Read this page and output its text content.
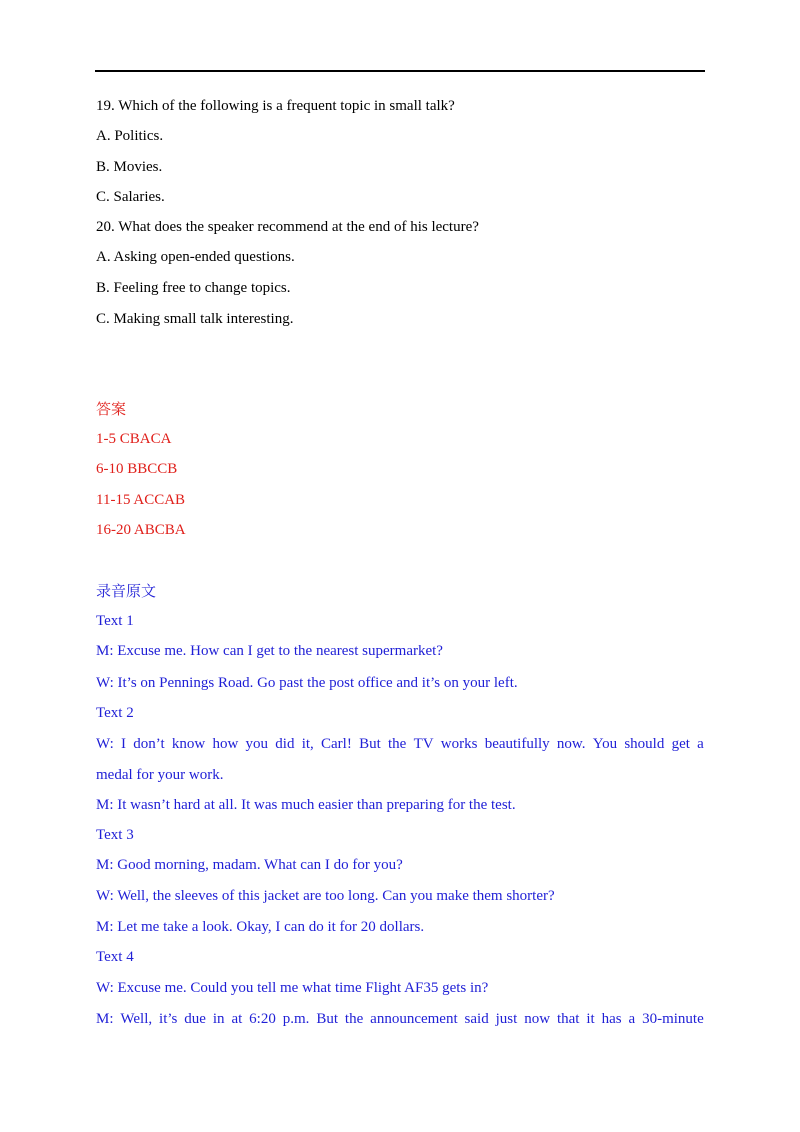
19. Which of the following is a frequent topic in small talk?
A. Politics.
B. Movies.
C. Salaries.
20. What does the speaker recommend at the end of his lecture?
A. Asking open-ended questions.
B. Feeling free to change topics.
C. Making small talk interesting.
答案
1-5 CBACA
6-10 BBCCB
11-15 ACCAB
16-20 ABCBA
录音原文
Text 1
M: Excuse me. How can I get to the nearest supermarket?
W: It’s on Pennings Road. Go past the post office and it’s on your left.
Text 2
W: I don’t know how you did it, Carl! But the TV works beautifully now. You should get a
medal for your work.
M: It wasn’t hard at all. It was much easier than preparing for the test.
Text 3
M: Good morning, madam. What can I do for you?
W: Well, the sleeves of this jacket are too long. Can you make them shorter?
M: Let me take a look. Okay, I can do it for 20 dollars.
Text 4
W: Excuse me. Could you tell me what time Flight AF35 gets in?
M: Well, it’s due in at 6:20 p.m. But the announcement said just now that it has a 30-minute
